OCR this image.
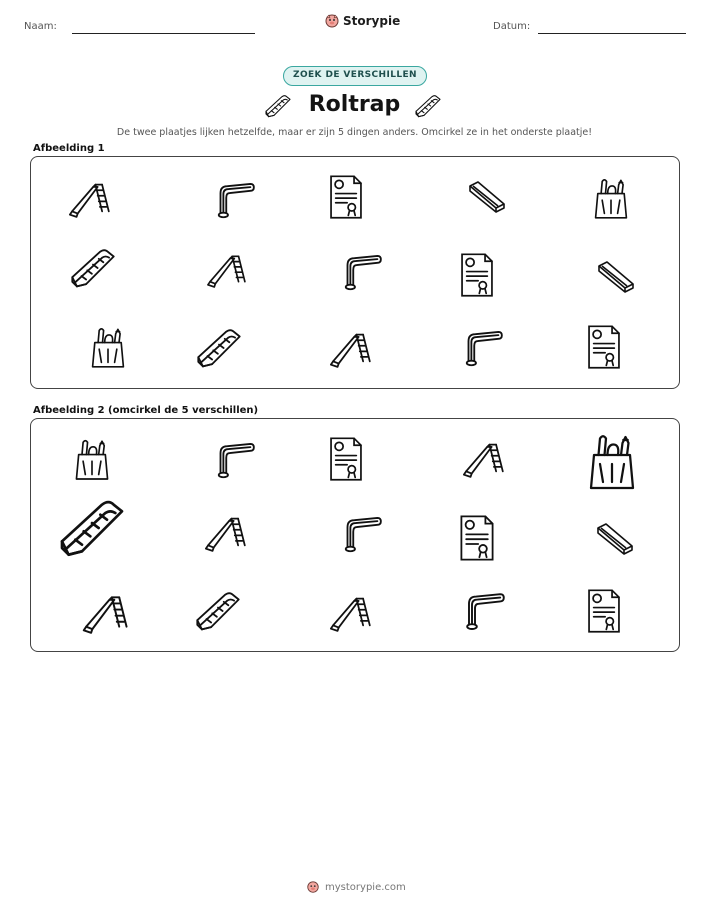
Naam:	Storypie	Datum:
ZOEK DE VERSCHILLEN
Roltrap
De twee plaatjes lijken hetzelfde, maar er zijn 5 dingen anders. Omcirkel ze in het onderste plaatje!
Afbeelding 1
Afbeelding 2 (omcirkel de 5 verschillen)
mystorypie.com
